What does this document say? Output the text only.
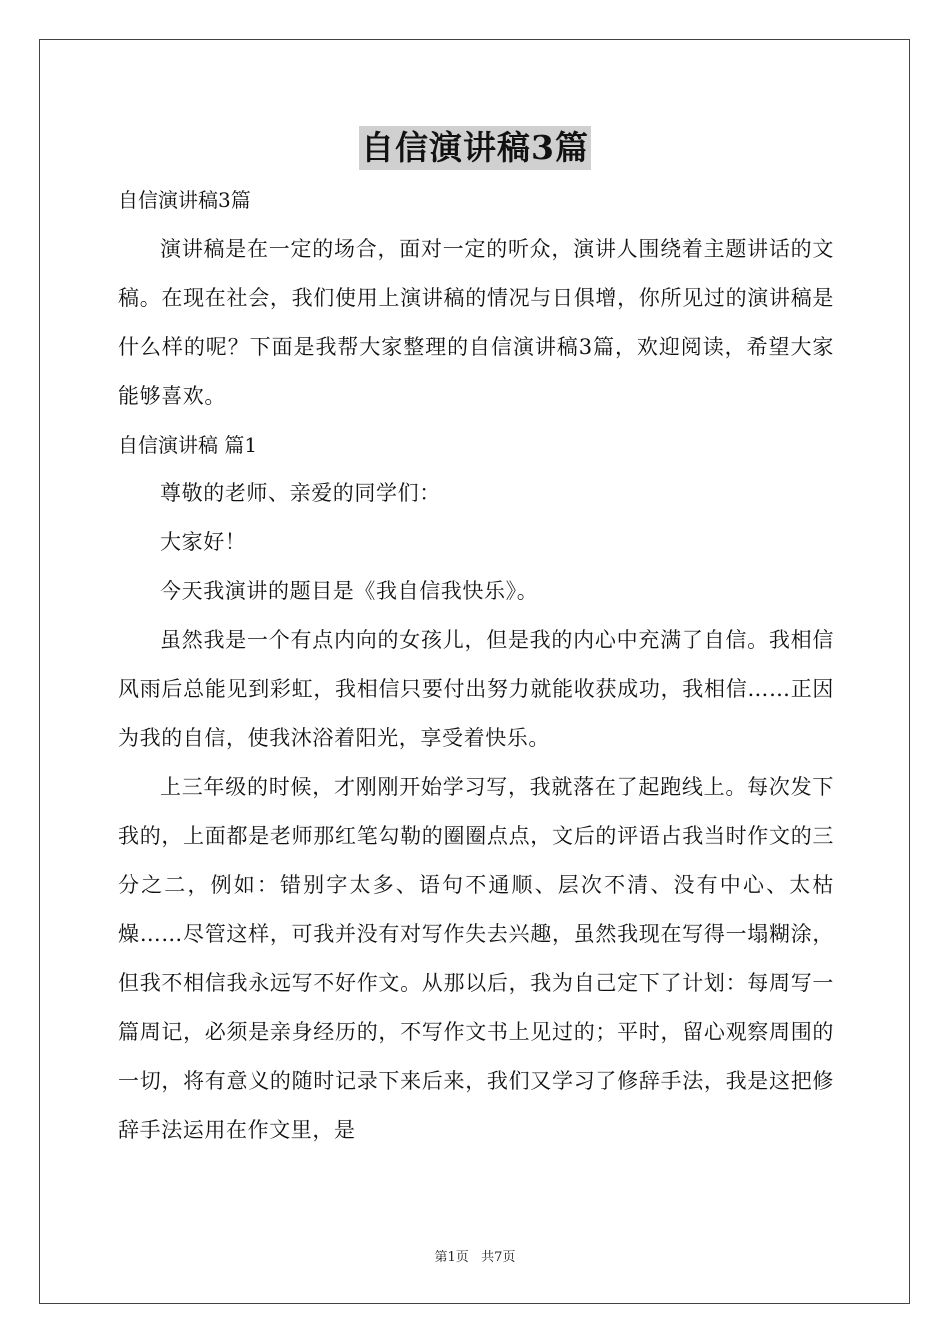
自信演讲稿3篇
自信演讲稿3篇

演讲稿是在一定的场合，面对一定的听众，演讲人围绕着主题讲话的文稿。在现在社会，我们使用上演讲稿的情况与日俱增，你所见过的演讲稿是什么样的呢？下面是我帮大家整理的自信演讲稿3篇，欢迎阅读，希望大家能够喜欢。

自信演讲稿 篇1

尊敬的老师、亲爱的同学们：

大家好！

今天我演讲的题目是《我自信我快乐》。

虽然我是一个有点内向的女孩儿，但是我的内心中充满了自信。我相信风雨后总能见到彩虹，我相信只要付出努力就能收获成功，我相信……正因为我的自信，使我沐浴着阳光，享受着快乐。

上三年级的时候，才刚刚开始学习写，我就落在了起跑线上。每次发下我的，上面都是老师那红笔勾勒的圈圈点点，文后的评语占我当时作文的三分之二，例如：错别字太多、语句不通顺、层次不清、没有中心、太枯燥……尽管这样，可我并没有对写作失去兴趣，虽然我现在写得一塌糊涂，但我不相信我永远写不好作文。从那以后，我为自己定下了计划：每周写一篇周记，必须是亲身经历的，不写作文书上见过的；平时，留心观察周围的一切，将有意义的随时记录下来后来，我们又学习了修辞手法，我是这把修辞手法运用在作文里，是

第1页   共7页
